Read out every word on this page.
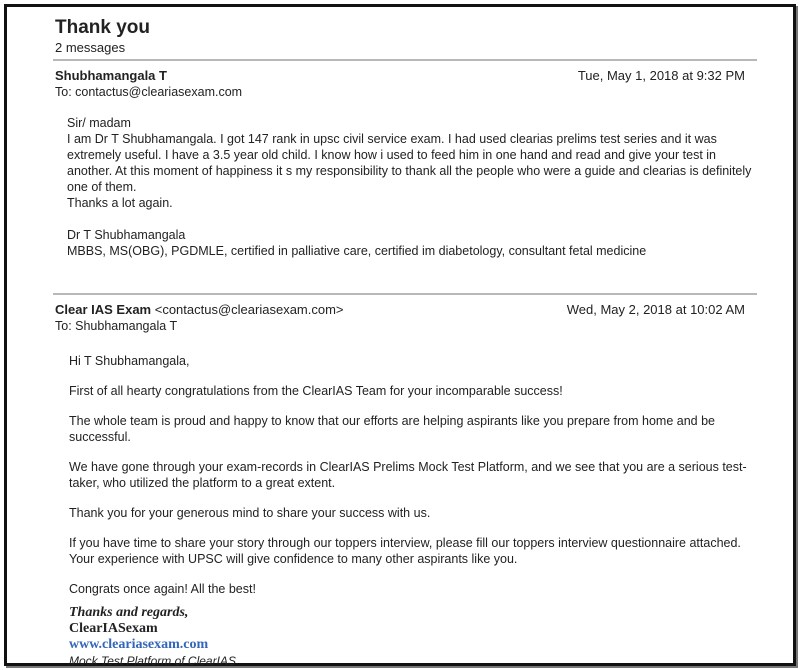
Thank you
2 messages
Shubhamangala T
To: contactus@cleariasexam.com
Tue, May 1, 2018 at 9:32 PM

Sir/ madam

I am Dr T Shubhamangala. I got 147 rank in upsc civil service exam. I had used clearias prelims test series and it was extremely useful. I have a 3.5 year old child. I know how i used to feed him in one hand and read and give your test in another. At this moment of happiness it s my responsibility to thank all the people who were a guide and clearias is definitely one of them.

Thanks a lot again.

Dr T Shubhamangala

MBBS, MS(OBG), PGDMLE, certified in palliative care, certified im diabetology, consultant fetal medicine

Clear IAS Exam <contactus@cleariasexam.com>
To: Shubhamangala T
Wed, May 2, 2018 at 10:02 AM

Hi T Shubhamangala,

First of all hearty congratulations from the ClearIAS Team for your incomparable success!

The whole team is proud and happy to know that our efforts are helping aspirants like you prepare from home and be successful.

We have gone through your exam-records in ClearIAS Prelims Mock Test Platform, and we see that you are a serious test-taker, who utilized the platform to a great extent.

Thank you for your generous mind to share your success with us.

If you have time to share your story through our toppers interview, please fill our toppers interview questionnaire attached. Your experience with UPSC will give confidence to many other aspirants like you.

Congrats once again! All the best!

Thanks and regards,
ClearIASexam
www.cleariasexam.com
Mock Test Platform of ClearIAS
